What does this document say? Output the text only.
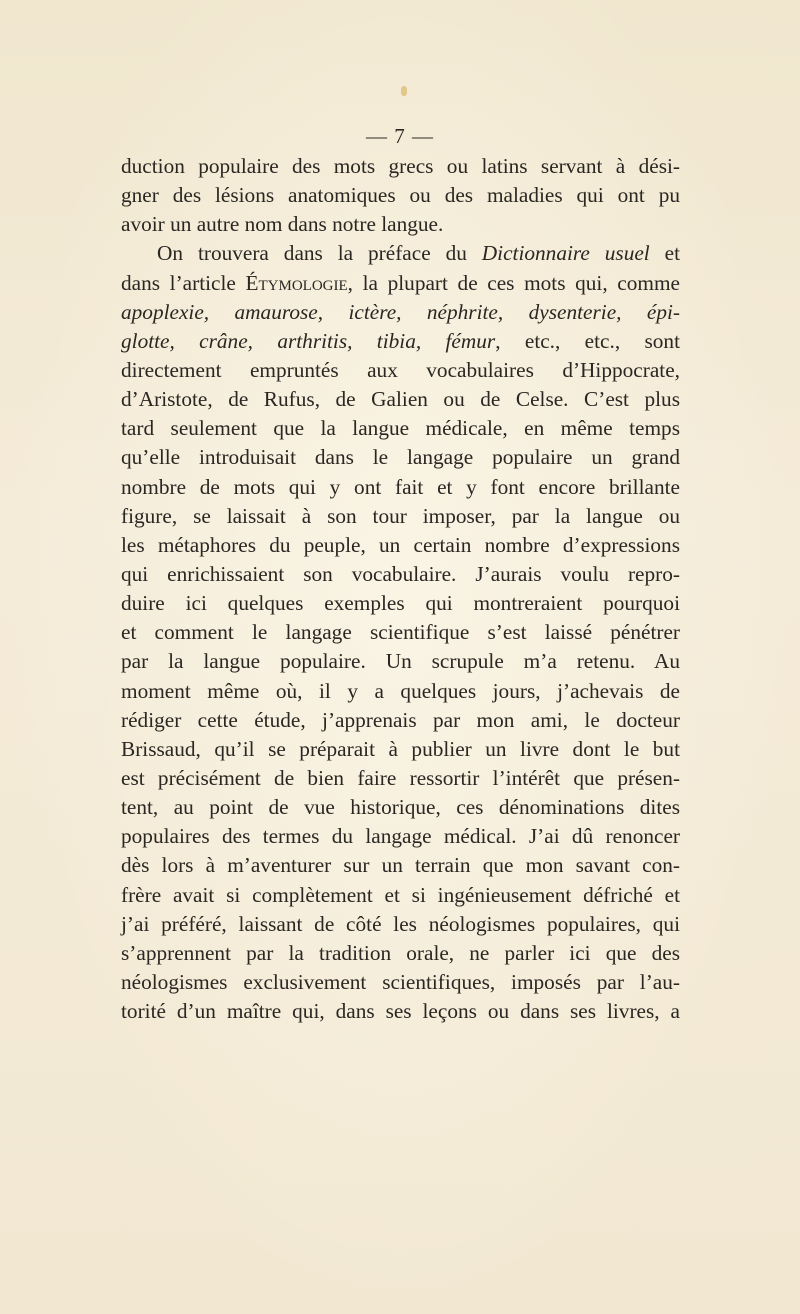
— 7 —
duction populaire des mots grecs ou latins servant à dési-
gner des lésions anatomiques ou des maladies qui ont pu
avoir un autre nom dans notre langue.
On trouvera dans la préface du Dictionnaire usuel et
dans l’article Étymologie, la plupart de ces mots qui, comme
apoplexie, amaurose, ictère, néphrite, dysenterie, épi-
glotte, crâne, arthritis, tibia, fémur, etc., etc., sont
directement empruntés aux vocabulaires d’Hippocrate,
d’Aristote, de Rufus, de Galien ou de Celse. C’est plus
tard seulement que la langue médicale, en même temps
qu’elle introduisait dans le langage populaire un grand
nombre de mots qui y ont fait et y font encore brillante
figure, se laissait à son tour imposer, par la langue ou
les métaphores du peuple, un certain nombre d’expressions
qui enrichissaient son vocabulaire. J’aurais voulu repro-
duire ici quelques exemples qui montreraient pourquoi
et comment le langage scientifique s’est laissé pénétrer
par la langue populaire. Un scrupule m’a retenu. Au
moment même où, il y a quelques jours, j’achevais de
rédiger cette étude, j’apprenais par mon ami, le docteur
Brissaud, qu’il se préparait à publier un livre dont le but
est précisément de bien faire ressortir l’intérêt que présen-
tent, au point de vue historique, ces dénominations dites
populaires des termes du langage médical. J’ai dû renoncer
dès lors à m’aventurer sur un terrain que mon savant con-
frère avait si complètement et si ingénieusement défriché et
j’ai préféré, laissant de côté les néologismes populaires, qui
s’apprennent par la tradition orale, ne parler ici que des
néologismes exclusivement scientifiques, imposés par l’au-
torité d’un maître qui, dans ses leçons ou dans ses livres, a
